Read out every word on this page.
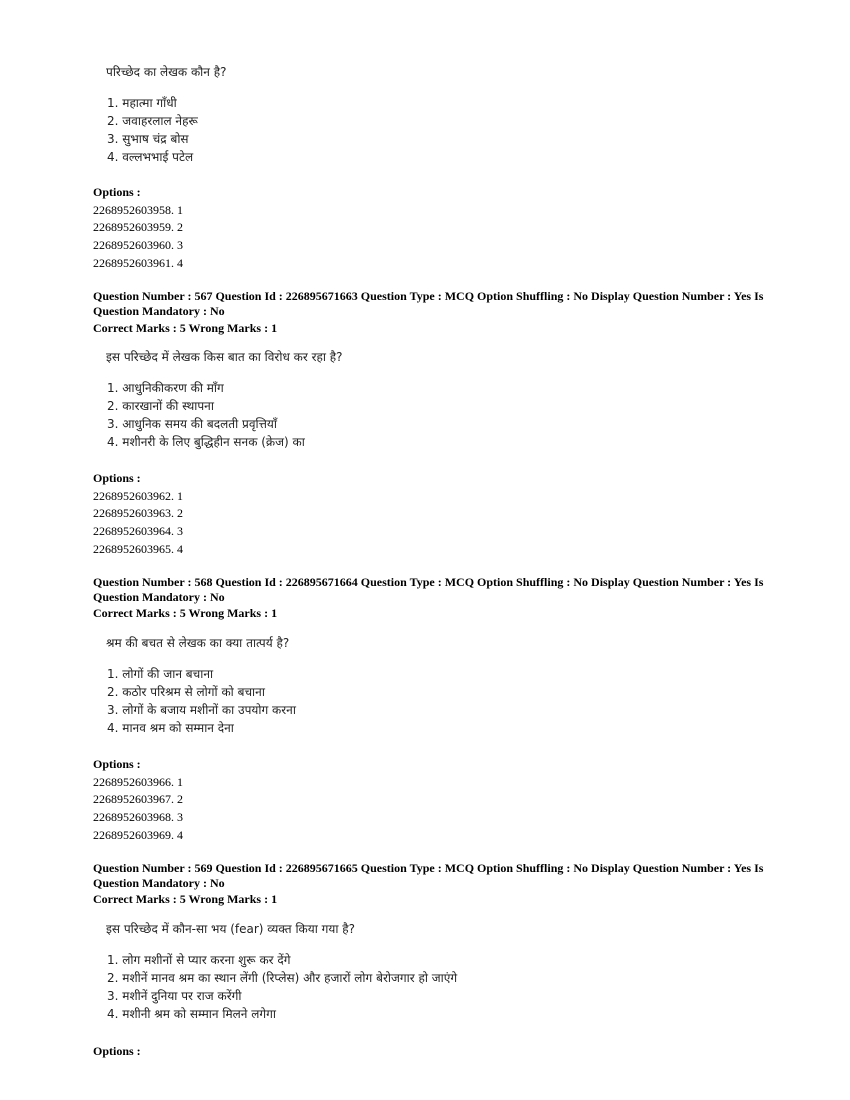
परिच्छेद का लेखक कौन है?
1. महात्मा गाँधी
2. जवाहरलाल नेहरू
3. सुभाष चंद्र बोस
4. वल्लभभाई पटेल
Options :
2268952603958. 1
2268952603959. 2
2268952603960. 3
2268952603961. 4
Question Number : 567 Question Id : 226895671663 Question Type : MCQ Option Shuffling : No Display Question Number : Yes Is Question Mandatory : No
Correct Marks : 5 Wrong Marks : 1
इस परिच्छेद में लेखक किस बात का विरोध कर रहा है?
1. आधुनिकीकरण की माँग
2. कारखानों की स्थापना
3. आधुनिक समय की बदलती प्रवृत्तियाँ
4. मशीनरी के लिए बुद्धिहीन सनक (क्रेज) का
Options :
2268952603962. 1
2268952603963. 2
2268952603964. 3
2268952603965. 4
Question Number : 568 Question Id : 226895671664 Question Type : MCQ Option Shuffling : No Display Question Number : Yes Is Question Mandatory : No
Correct Marks : 5 Wrong Marks : 1
श्रम की बचत से लेखक का क्या तात्पर्य है?
1. लोगों की जान बचाना
2. कठोर परिश्रम से लोगों को बचाना
3. लोगों के बजाय मशीनों का उपयोग करना
4. मानव श्रम को सम्मान देना
Options :
2268952603966. 1
2268952603967. 2
2268952603968. 3
2268952603969. 4
Question Number : 569 Question Id : 226895671665 Question Type : MCQ Option Shuffling : No Display Question Number : Yes Is Question Mandatory : No
Correct Marks : 5 Wrong Marks : 1
इस परिच्छेद में कौन-सा भय (fear) व्यक्त किया गया है?
1. लोग मशीनों से प्यार करना शुरू कर देंगे
2. मशीनें मानव श्रम का स्थान लेंगी (रिप्लेस) और हजारों लोग बेरोजगार हो जाएंगे
3. मशीनें दुनिया पर राज करेंगी
4. मशीनी श्रम को सम्मान मिलने लगेगा
Options :
